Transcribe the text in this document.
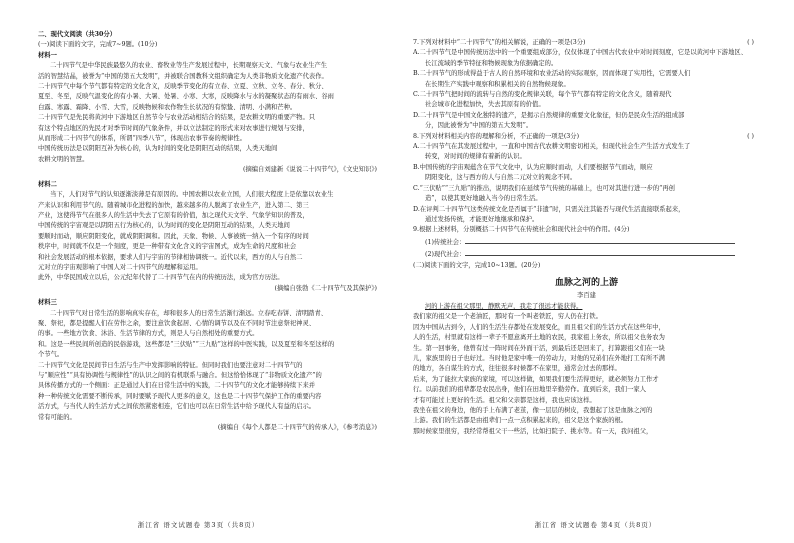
二、现代文阅读（共30分）
(一)阅读下面的文字，完成7~9题。(10分)
材料一
二十四节气是中华民族最悠久的农业、畜牧业等生产发展过程中，长期观察天文、气象与农业生产生
活的智慧结晶，被誉为“中国的第五大发明”，并被联合国教科文组织确定为人类非物质文化遗产代表作。
二十四节气中每个节气都有特定的文化含义，反映季节变化的有立春、立夏、立秋、立冬、春分、秋分、
夏至、冬至，反映气温变化的有小暑、大暑、处暑、小寒、大寒，反映降水与水的凝聚状态的有雨水、谷雨
白露、寒露、霜降、小雪、大雪，反映物候和农作物生长状况的有惊蛰、清明、小满和芒种。
二十四节气是先民将黄河中下游地区自然节令与农业活动相结合的结果，是农耕文明的重要产物。只
有这个特点地区的先民才对季节时间的气象条件，并以立法制定的形式来对农事进行规划与安排，
从而形成二十四节气的体系，所谓“四季八节”，体现出农事节奏的规律性。
中国传统历法是以阴阳互补为核心的，认为时间的变化是阴阳互动的结果，人类天地间
农耕文明的智慧。
(摘编自刘建新《说说二十四节气》，《文史知识》)
材料二
当下，人们对节气的认知逐渐淡薄是有原因的。中国农耕以农业立国，人们很大程度上是依靠以农业生
产来认识和利用节气的。随着城市化进程的加快，越来越多的人脱离了农业生产，进入第二、第三
产业，这使得节气在很多人的生活中失去了它原有的价值，加之现代天文学、气象学知识的普及，
中国传统的宇宙观是以阴阳五行为核心的，认为时间的变化是阴阳互动的结果，人类天地间
要顺时而动，顺应阴阳变化，就成阴阳调和。因此，天象、物候、人事被统一纳入一个有序的时间
秩序中，时间就不仅是一个刻度，更是一种带有文化含义的宇宙图式，成为生命的尺度和社会
和社会发展活动的根本依据，要求人们与宇宙的节律相协调统一。近代以来，西方的人与自然二
元对立的宇宙观影响了中国人对二十四节气的理解和运用。
此外，中华民国成立以后，公元纪年代替了二十四节气在内的传统历法，成为官方历法。
(摘编自张勃《二十四节气及其保护》)
材料三
二十四节气对日常生活的影响真实存在，却和很多人的日常生活渐行渐远。立春吃春饼、清明踏青、
聚、祭祀，都是提醒人们在劳作之余，要注意饮食起居、心情的调节以及在不同时节注意祭祀神灵、
的事。一些地方饮食、沐浴、生活节律的方式，则是人与自然相处的重要方式。
和。这是一些民间所创造的民俗游戏，这些都是“三伏贴”“三九贴”这样的中医实践，以及夏至和冬至这样的
个节气。
二十四节气文化是民间节日生活与生产中发挥影响的特征。但同时我们也要注意对二十四节气的
与“顺应性”“具有协调性与规律性”的认识之间的有机联系与融合。但这恰恰体现了“非物质文化遗产”的
具体传播方式的一个侧面：正是通过人们在日常生活中的实践，二十四节气的文化才能够持续下来并
种一种传统文化需要不断传承，同时要赋予现代人更多的意义，这也是二十四节气保护工作的重要内容
活方式，与当代人的生活方式之间依然紧密相连，它们也可以在日常生活中给予现代人有益的启示。
常有可能的。
(摘编自《每个人都是二十四节气的传承人》，《参考消息》)
浙江省 语文试题卷 第3页（共8页）
7.下列对材料中“二十四节气”的相关解说，正确的一项是(3分)	( )
A.二十四节气是中国传统历法中的一个重要组成部分，仅仅体现了中国古代农业中对时间刻度，它是以黄河中下游地区、
长江流域的季节特征和物候现象为依据确定的。
B.二十四节气的形成得益于古人的自然环境和农业活动的实际观察，因而体现了实用性，它需要人们
在长期生产实践中观察和积累相关的自然物候现象。
C.二十四节气把时间的流转与自然的变化规律关联，每个节气都有特定的文化含义，随着现代
社会城市化进程加快，失去其原有的价值。
D.二十四节气是中国文化独特的遗产，是揭示自然规律的重要文化象征，但仍是民众生活的组成部
分，因此被誉为“中国的第五大发明”。
8.下列对材料相关内容的理解和分析，不正确的一项是(3分)	( )
A.二十四节气在其发展过程中，一直和中国古代农耕文明密切相关，但现代社会生产生活方式发生了
转变，对时间的规律有着新的认识。
B.中国传统的宇宙观蕴含在节气文化中，认为应顺时而动，人们要根据节气而动，顺应
阴阳变化，这与西方的人与自然二元对立的观念不同。
C.“三伏贴”“三九贴”的推出，说明我们在延续节气传统的基础上，也可对其进行进一步的“再创
造”，以使其更好地融入当今的日常生活。
D.在评判二十四节气这类传统文化是否属于“非遗”时，只需关注其能否与现代生活直接联系起来，
通过发扬传统，才能更好地继承和保护。
9.根据上述材料，分别概括二十四节气在传统社会和现代社会中的作用。(4分)
(1)传统社会：
(2)现代社会：
(二)阅读下面的文字，完成10~13题。(20分)
血脉之河的上游
李百建
河的上游在祖父那里，静默无声，我走了很远才能获得。
我们家的祖父是一个老油匠，那时有一个叫老铁匠，穷人仍在打铁。
因为中国从古到今，人们的生活生存都处在发展变化，而且祖父们的生活方式在这些年中，
人的生活，村里就有这样一辈子不愿意离开土地的农民，我家祖上务农，所以祖父也务农为
生。第一回事务，他曾有过一阵时间在外面干活，到最后还是回来了，打算跟祖父们在一块
儿，家族里的日子也好过。当时他是家中唯一的劳动力，对他的兄弟们在外地打工有所不满
的地方，各自谋生的方式，往往很多时候都不在家里，通常会过去的那样。
后来，为了能拉大家族的家境，可以这样做，如果我们要生活得更好，就必须努力工作才
行。以前我们的祖辈都是农民出身，他们在田地里辛勤劳作。直到后来，我们一家人
才有可能过上更好的生活。祖父和父亲都是这样，我也应该这样。
我坐在祖父的身边，他的手上布满了老茧，像一层层的树皮，我想起了这是血脉之河的
上游。我们的生活都是由祖辈们一点一点积累起来的，祖父是这个家族的根。
那时候家里很穷，我经常帮祖父干一些活，比如扫院子、挑水等。有一天，我问祖父，
浙江省 语文试题卷 第4页（共8页）
